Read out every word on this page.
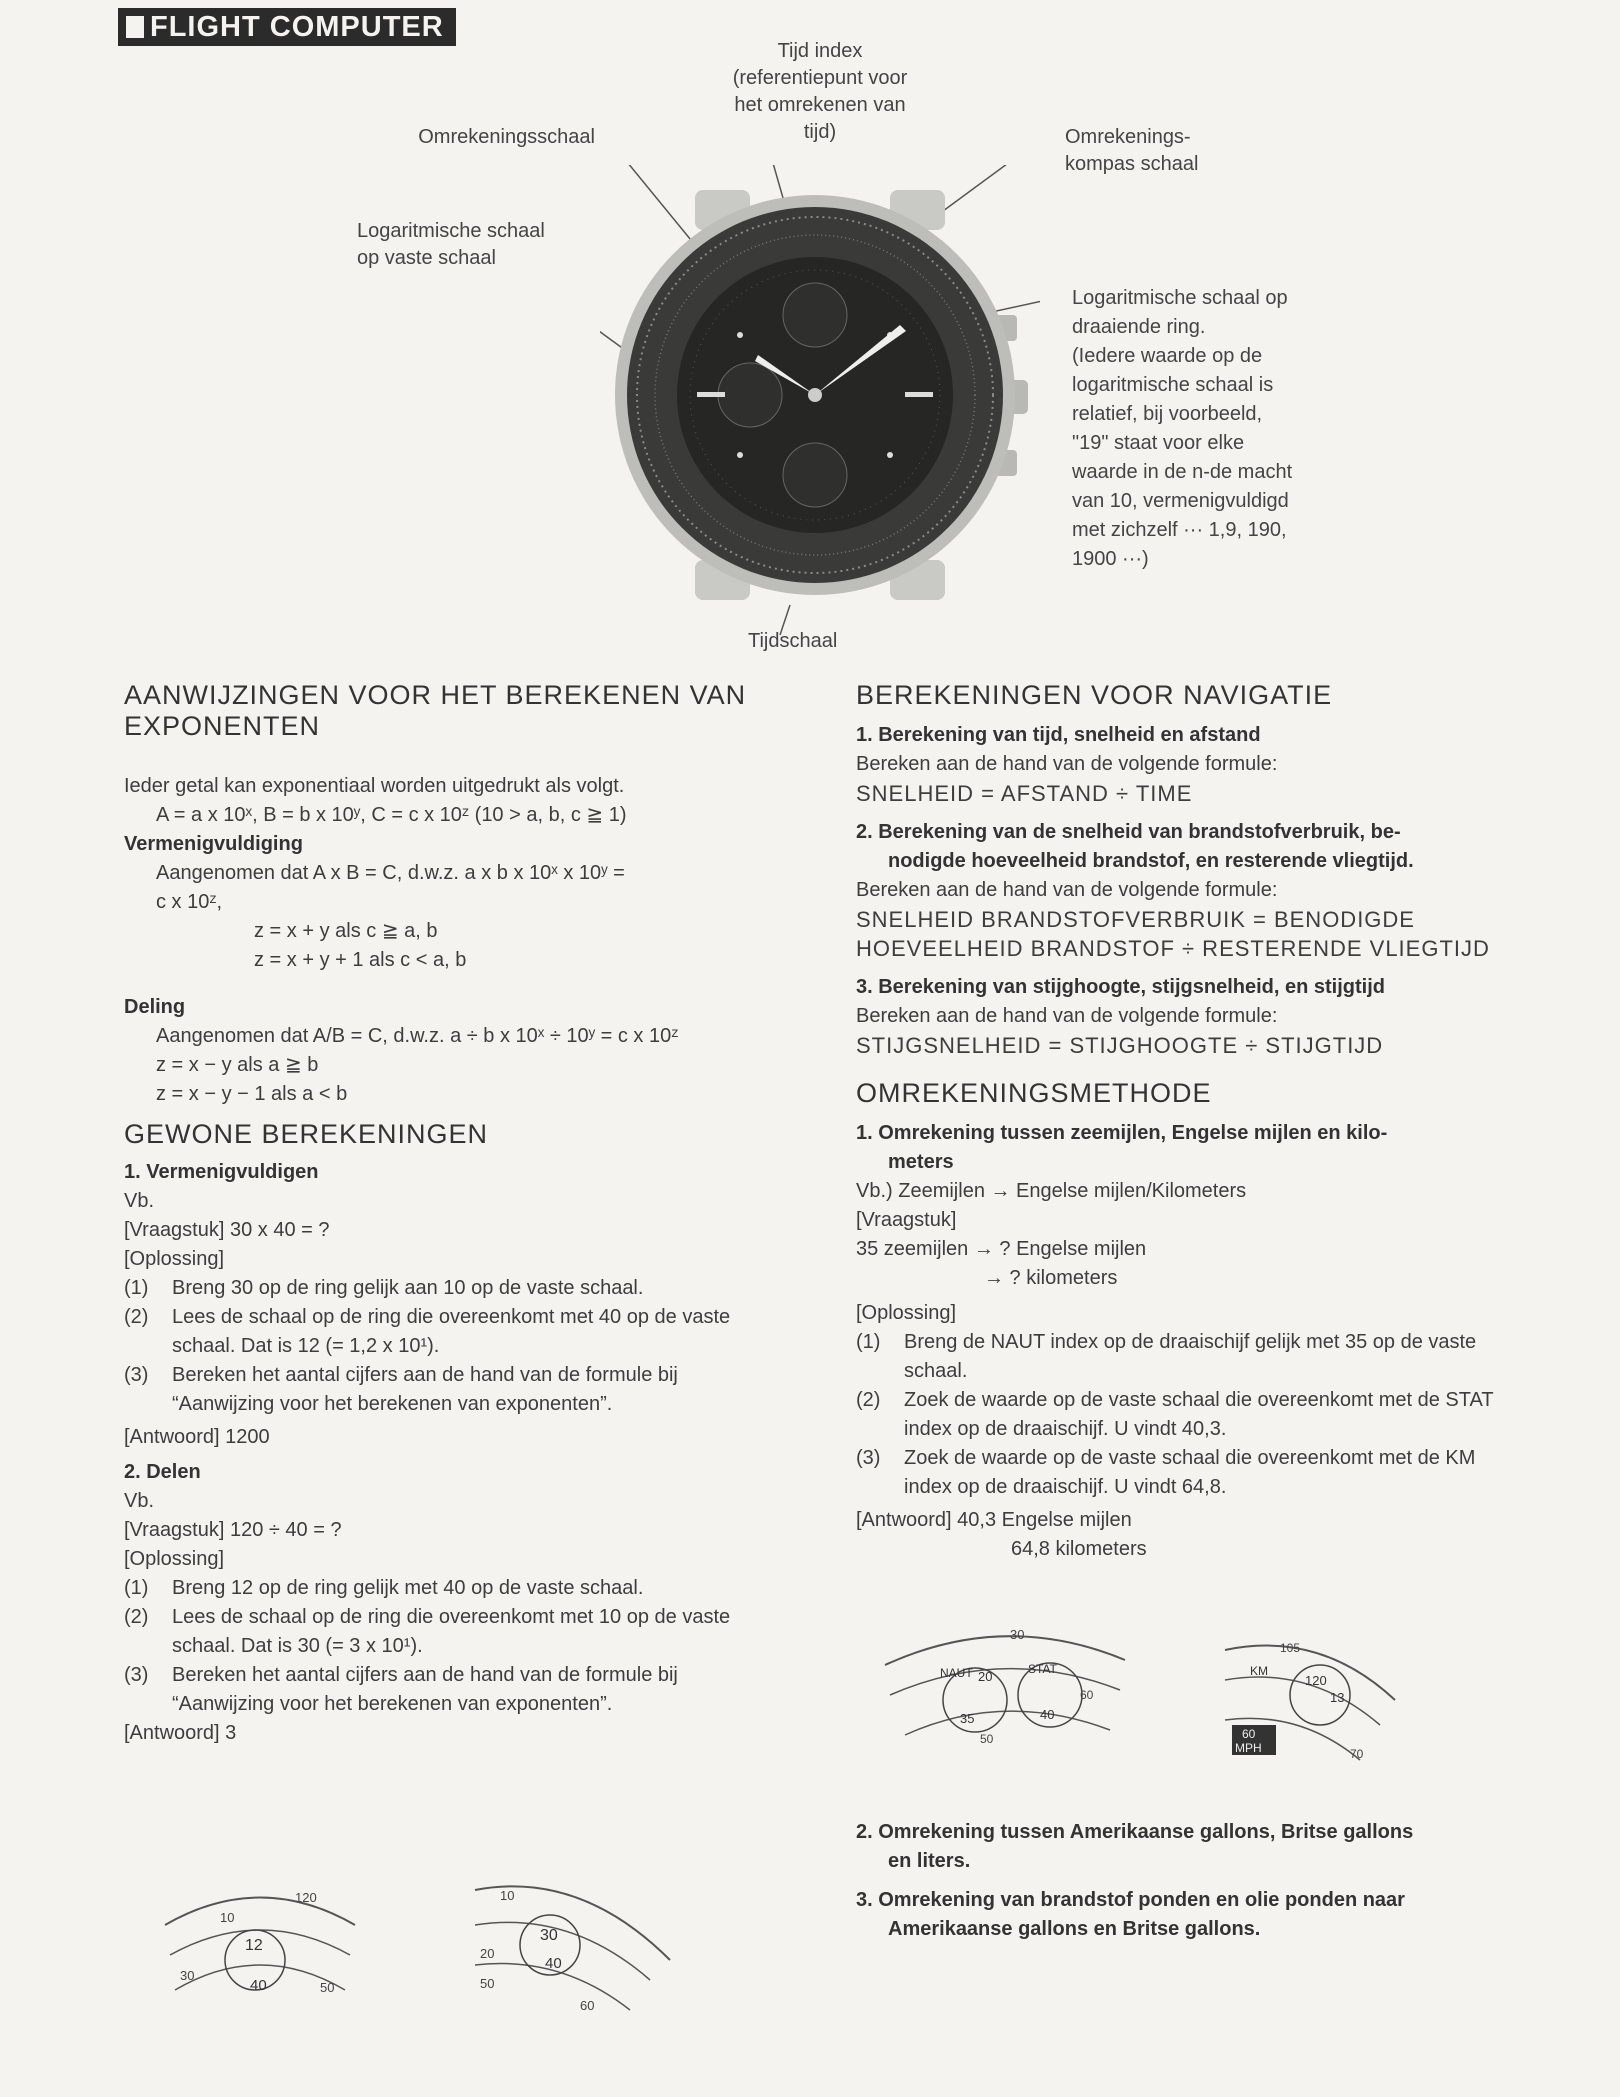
FLIGHT COMPUTER
Tijd index
(referentiepunt voor
het omrekenen van
tijd)
Omrekeningsschaal	Omrekenings-
kompas schaal
Logaritmische schaal
op vaste schaal
Logaritmische schaal op
draaiende ring.
(Iedere waarde op de
logaritmische schaal is
relatief, bij voorbeeld,
"19" staat voor elke
waarde in de n-de macht
van 10, vermenigvuldigd
met zichzelf ··· 1,9, 190,
1900 ···)
Tijdschaal
AANWIJZINGEN VOOR HET BEREKENEN VAN
EXPONENTEN
Ieder getal kan exponentiaal worden uitgedrukt als volgt.
A = a x 10ˣ, B = b x 10ʸ, C = c x 10ᶻ (10 > a, b, c ≧ 1)
Vermenigvuldiging
Aangenomen dat A x B = C, d.w.z. a x b x 10ˣ x 10ʸ =
c x 10ᶻ,
z = x + y als c ≧ a, b
z = x + y + 1 als c < a, b
Deling
Aangenomen dat A/B = C, d.w.z. a ÷ b x 10ˣ ÷ 10ʸ = c x 10ᶻ
z = x − y als a ≧ b
z = x − y − 1 als a < b
GEWONE BEREKENINGEN
1. Vermenigvuldigen
Vb.
[Vraagstuk] 30 x 40 = ?
[Oplossing]
(1) Breng 30 op de ring gelijk aan 10 op de vaste schaal.
(2) Lees de schaal op de ring die overeenkomt met 40 op de vaste schaal. Dat is 12 (= 1,2 x 10¹).
(3) Bereken het aantal cijfers aan de hand van de formule bij “Aanwijzing voor het berekenen van exponenten”.
[Antwoord] 1200
2. Delen
Vb.
[Vraagstuk] 120 ÷ 40 = ?
[Oplossing]
(1) Breng 12 op de ring gelijk met 40 op de vaste schaal.
(2) Lees de schaal op de ring die overeenkomt met 10 op de vaste schaal. Dat is 30 (= 3 x 10¹).
(3) Bereken het aantal cijfers aan de hand van de formule bij “Aanwijzing voor het berekenen van exponenten”.
[Antwoord] 3
120
10
12
30
40	50
10
20
30
40
50
60
BEREKENINGEN VOOR NAVIGATIE
1. Berekening van tijd, snelheid en afstand
Bereken aan de hand van de volgende formule:
SNELHEID = AFSTAND ÷ TIME
2. Berekening van de snelheid van brandstofverbruik, be-
nodigde hoeveelheid brandstof, en resterende vliegtijd.
Bereken aan de hand van de volgende formule:
SNELHEID BRANDSTOFVERBRUIK = BENODIGDE
HOEVEELHEID BRANDSTOF ÷ RESTERENDE VLIEGTIJD
3. Berekening van stijghoogte, stijgsnelheid, en stijgtijd
Bereken aan de hand van de volgende formule:
STIJGSNELHEID = STIJGHOOGTE ÷ STIJGTIJD
OMREKENINGSMETHODE
1. Omrekening tussen zeemijlen, Engelse mijlen en kilo-
meters
Vb.) Zeemijlen → Engelse mijlen/Kilometers
[Vraagstuk]
35 zeemijlen → ? Engelse mijlen
→ ? kilometers
[Oplossing]
(1) Breng de NAUT index op de draaischijf gelijk met 35 op de vaste schaal.
(2) Zoek de waarde op de vaste schaal die overeenkomt met de STAT index op de draaischijf. U vindt 40,3.
(3) Zoek de waarde op de vaste schaal die overeenkomt met de KM index op de draaischijf. U vindt 64,8.
[Antwoord] 40,3 Engelse mijlen
64,8 kilometers
30
NAUT	STAT
20
35	40
50
60
105
KM
120
13
60
MPH	70
2. Omrekening tussen Amerikaanse gallons, Britse gallons
en liters.
3. Omrekening van brandstof ponden en olie ponden naar
Amerikaanse gallons en Britse gallons.
